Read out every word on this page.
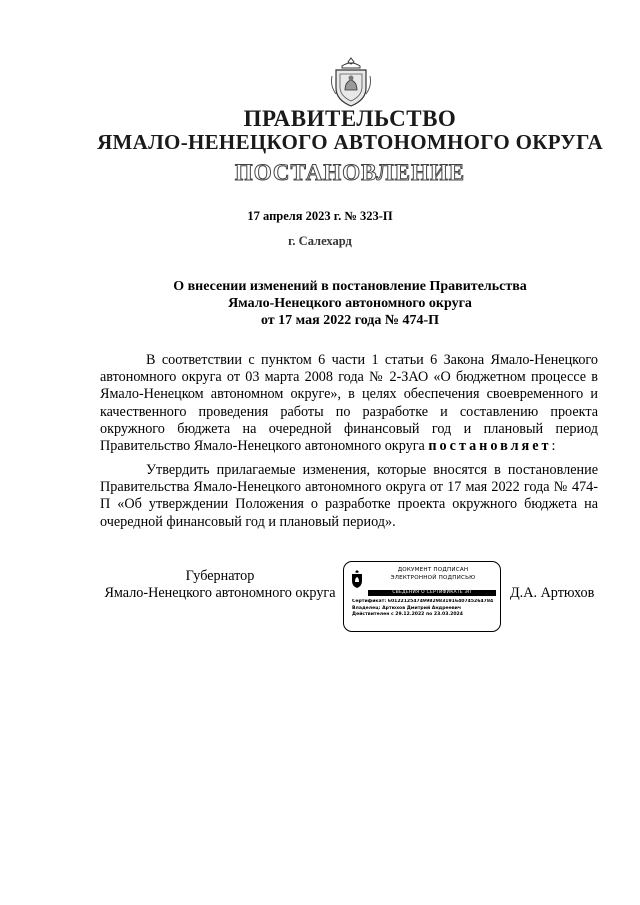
ПРАВИТЕЛЬСТВО
ЯМАЛО-НЕНЕЦКОГО АВТОНОМНОГО ОКРУГА
ПОСТАНОВЛЕНИЕ
17 апреля 2023 г. № 323-П
г. Салехард
О внесении изменений в постановление Правительства
Ямало-Ненецкого автономного округа
от 17 мая 2022 года № 474-П
В соответствии с пунктом 6 части 1 статьи 6 Закона Ямало-Ненецкого автономного округа от 03 марта 2008 года № 2-ЗАО «О бюджетном процессе в Ямало-Ненецком автономном округе», в целях обеспечения своевременного и качественного проведения работы по разработке и составлению проекта окружного бюджета на очередной финансовый год и плановый период Правительство Ямало-Ненецкого автономного округа постановляет:
Утвердить прилагаемые изменения, которые вносятся в постановление Правительства Ямало-Ненецкого автономного округа от 17 мая 2022 года № 474-П «Об утверждении Положения о разработке проекта окружного бюджета на очередной финансовый год и плановый период».
Губернатор
Ямало-Ненецкого автономного округа
ДОКУМЕНТ ПОДПИСАН
ЭЛЕКТРОННОЙ ПОДПИСЬЮ
СВЕДЕНИЯ О СЕРТИФИКАТЕ ЭП
Сертификат: 601221254749982983191640745264784
Владелец: Артюхов Дмитрий Андреевич
Действителен с 29.12.2022 по 23.03.2024
Д.А. Артюхов
